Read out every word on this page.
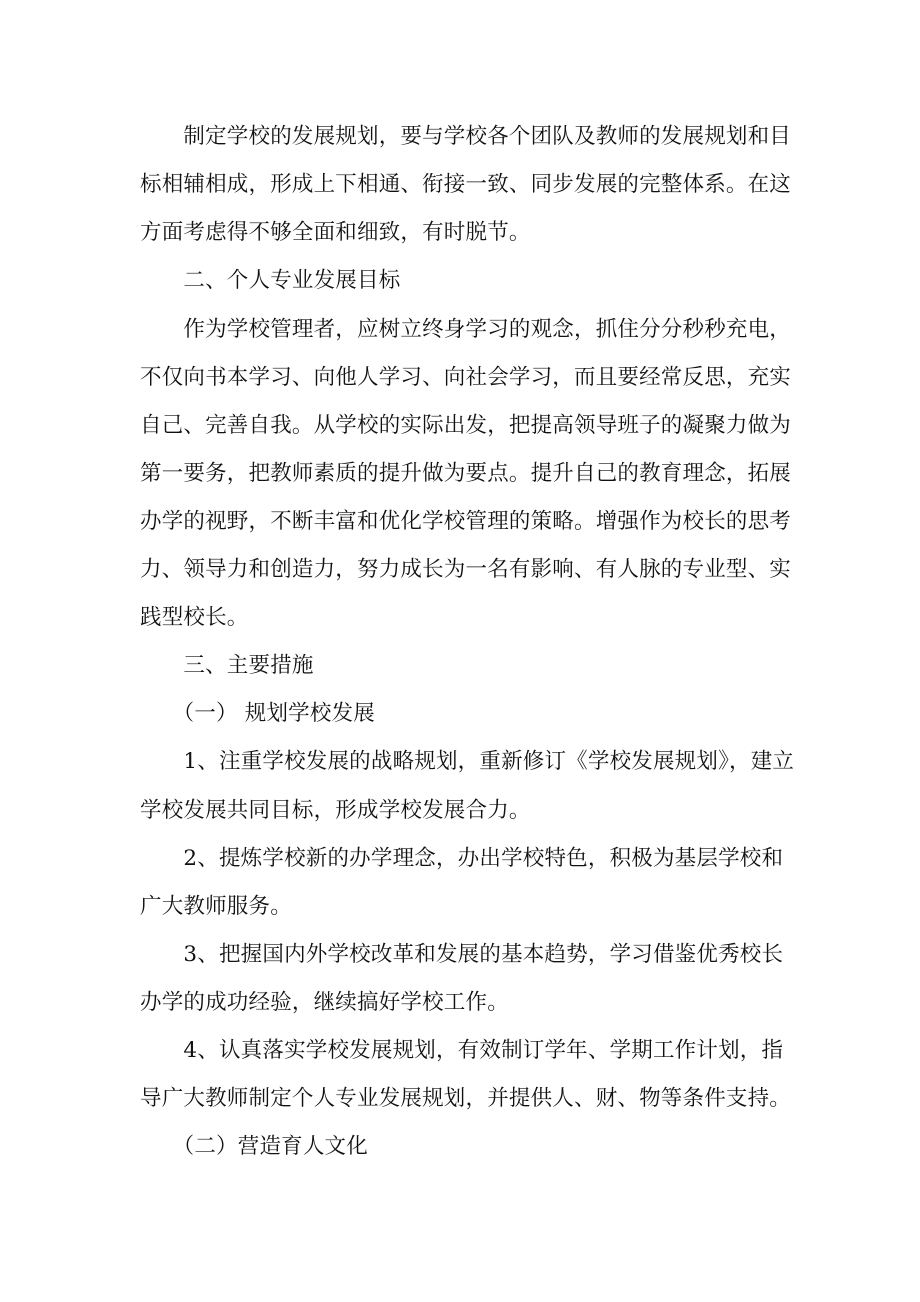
　　制定学校的发展规划，要与学校各个团队及教师的发展规划和目
标相辅相成，形成上下相通、衔接一致、同步发展的完整体系。在这
方面考虑得不够全面和细致，有时脱节。
　　二、个人专业发展目标
　　作为学校管理者，应树立终身学习的观念，抓住分分秒秒充电，
不仅向书本学习、向他人学习、向社会学习，而且要经常反思，充实
自己、完善自我。从学校的实际出发，把提高领导班子的凝聚力做为
第一要务，把教师素质的提升做为要点。提升自己的教育理念，拓展
办学的视野，不断丰富和优化学校管理的策略。增强作为校长的思考
力、领导力和创造力，努力成长为一名有影响、有人脉的专业型、实
践型校长。
　　三、主要措施
　　（一） 规划学校发展
　　1、注重学校发展的战略规划，重新修订《学校发展规划》，建立
学校发展共同目标，形成学校发展合力。
　　2、提炼学校新的办学理念，办出学校特色，积极为基层学校和
广大教师服务。
　　3、把握国内外学校改革和发展的基本趋势，学习借鉴优秀校长
办学的成功经验，继续搞好学校工作。
　　4、认真落实学校发展规划，有效制订学年、学期工作计划，指
导广大教师制定个人专业发展规划，并提供人、财、物等条件支持。
　　（二）营造育人文化
